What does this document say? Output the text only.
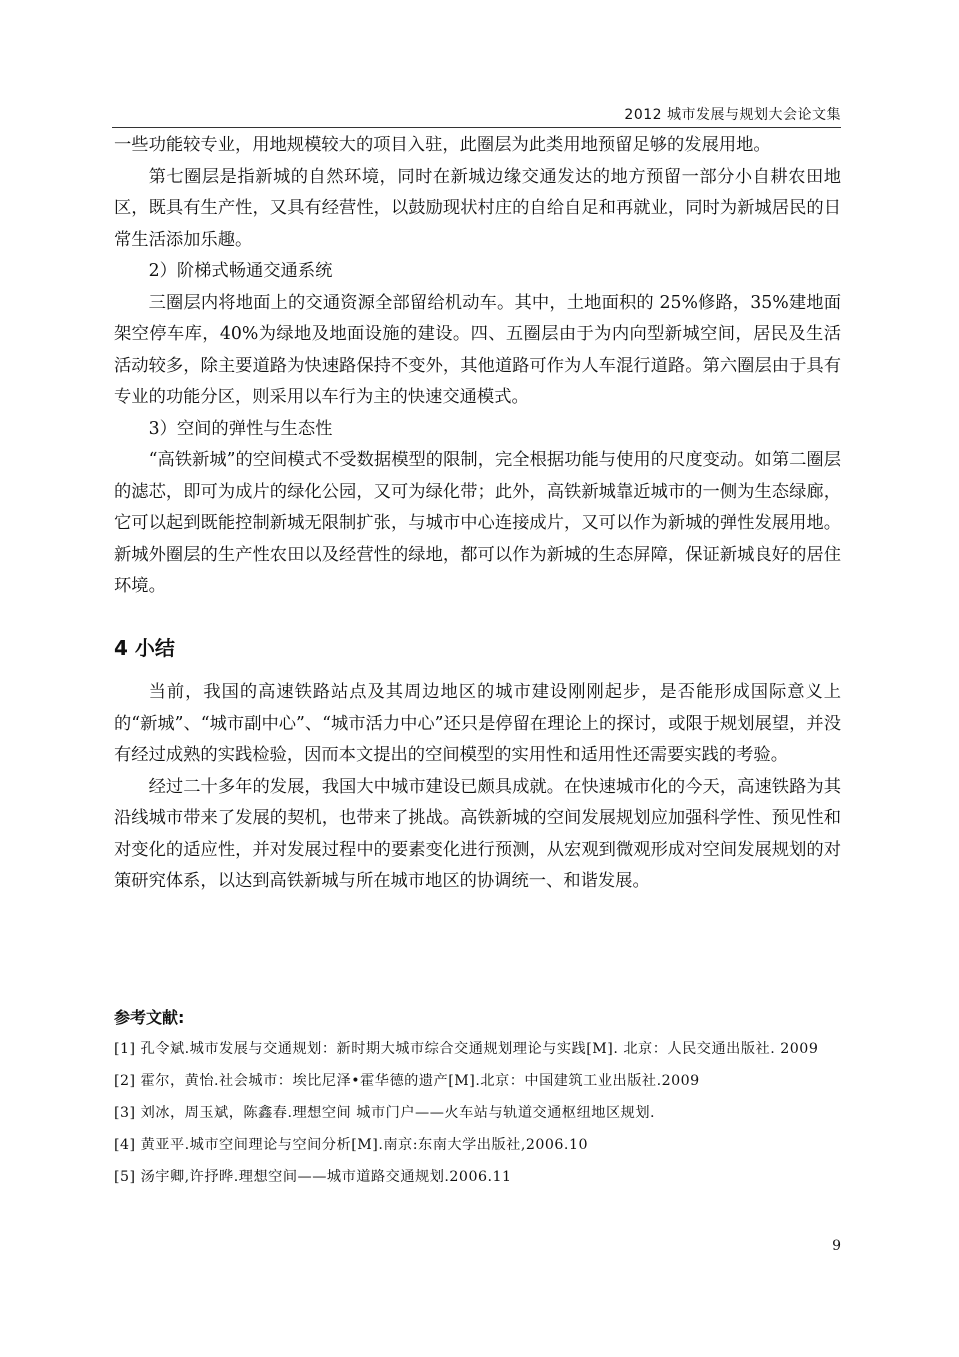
2012 城市发展与规划大会论文集

一些功能较专业，用地规模较大的项目入驻，此圈层为此类用地预留足够的发展用地。

第七圈层是指新城的自然环境，同时在新城边缘交通发达的地方预留一部分小自耕农田地区，既具有生产性，又具有经营性，以鼓励现状村庄的自给自足和再就业，同时为新城居民的日常生活添加乐趣。

2）阶梯式畅通交通系统

三圈层内将地面上的交通资源全部留给机动车。其中，土地面积的 25%修路，35%建地面架空停车库，40%为绿地及地面设施的建设。四、五圈层由于为内向型新城空间，居民及生活活动较多，除主要道路为快速路保持不变外，其他道路可作为人车混行道路。第六圈层由于具有专业的功能分区，则采用以车行为主的快速交通模式。

3）空间的弹性与生态性

“高铁新城”的空间模式不受数据模型的限制，完全根据功能与使用的尺度变动。如第二圈层的滤芯，即可为成片的绿化公园，又可为绿化带；此外，高铁新城靠近城市的一侧为生态绿廊，它可以起到既能控制新城无限制扩张，与城市中心连接成片，又可以作为新城的弹性发展用地。新城外圈层的生产性农田以及经营性的绿地，都可以作为新城的生态屏障，保证新城良好的居住环境。

4 小结

当前，我国的高速铁路站点及其周边地区的城市建设刚刚起步，是否能形成国际意义上的“新城”、“城市副中心”、“城市活力中心”还只是停留在理论上的探讨，或限于规划展望，并没有经过成熟的实践检验，因而本文提出的空间模型的实用性和适用性还需要实践的考验。

经过二十多年的发展，我国大中城市建设已颇具成就。在快速城市化的今天，高速铁路为其沿线城市带来了发展的契机，也带来了挑战。高铁新城的空间发展规划应加强科学性、预见性和对变化的适应性，并对发展过程中的要素变化进行预测，从宏观到微观形成对空间发展规划的对策研究体系，以达到高铁新城与所在城市地区的协调统一、和谐发展。

参考文献:

[1] 孔令斌.城市发展与交通规划：新时期大城市综合交通规划理论与实践[M]. 北京：人民交通出版社. 2009

[2] 霍尔，黄怡.社会城市：埃比尼泽•霍华德的遗产[M].北京：中国建筑工业出版社.2009

[3] 刘冰，周玉斌，陈鑫春.理想空间 城市门户——火车站与轨道交通枢纽地区规划.

[4] 黄亚平.城市空间理论与空间分析[M].南京:东南大学出版社,2006.10

[5] 汤宇卿,许抒晔.理想空间——城市道路交通规划.2006.11

9
